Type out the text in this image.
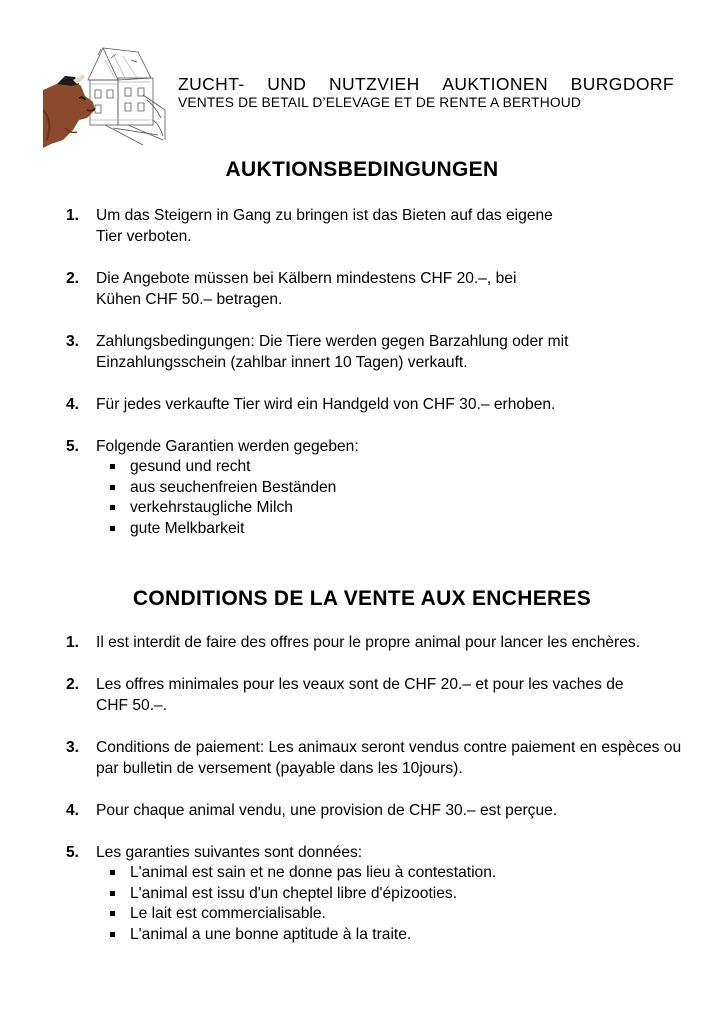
ZUCHT- UND NUTZVIEH AUKTIONEN BURGDORF
VENTES DE BETAIL D’ELEVAGE ET DE RENTE A BERTHOUD
AUKTIONSBEDINGUNGEN
1.	Um das Steigern in Gang zu bringen ist das Bieten auf das eigene Tier verboten.
2.	Die Angebote müssen bei Kälbern mindestens CHF 20.–, bei Kühen CHF 50.– betragen.
3.	Zahlungsbedingungen: Die Tiere werden gegen Barzahlung oder mit Einzahlungsschein (zahlbar innert 10 Tagen) verkauft.
4.	Für jedes verkaufte Tier wird ein Handgeld von CHF 30.– erhoben.
5.	Folgende Garantien werden gegeben:
gesund und recht
aus seuchenfreien Beständen
verkehrstaugliche Milch
gute Melkbarkeit
CONDITIONS DE LA VENTE AUX ENCHERES
1.	Il est interdit de faire des offres pour le propre animal pour lancer les enchères.
2.	Les offres minimales pour les veaux sont de CHF 20.– et pour les vaches de CHF 50.–.
3.	Conditions de paiement: Les animaux seront vendus contre paiement en espèces ou par bulletin de versement (payable dans les 10jours).
4.	Pour chaque animal vendu, une provision de CHF 30.– est perçue.
5.	Les garanties suivantes sont données:
L'animal est sain et ne donne pas lieu à contestation.
L'animal est issu d'un cheptel libre d'épizooties.
Le lait est commercialisable.
L'animal a une bonne aptitude à la traite.
